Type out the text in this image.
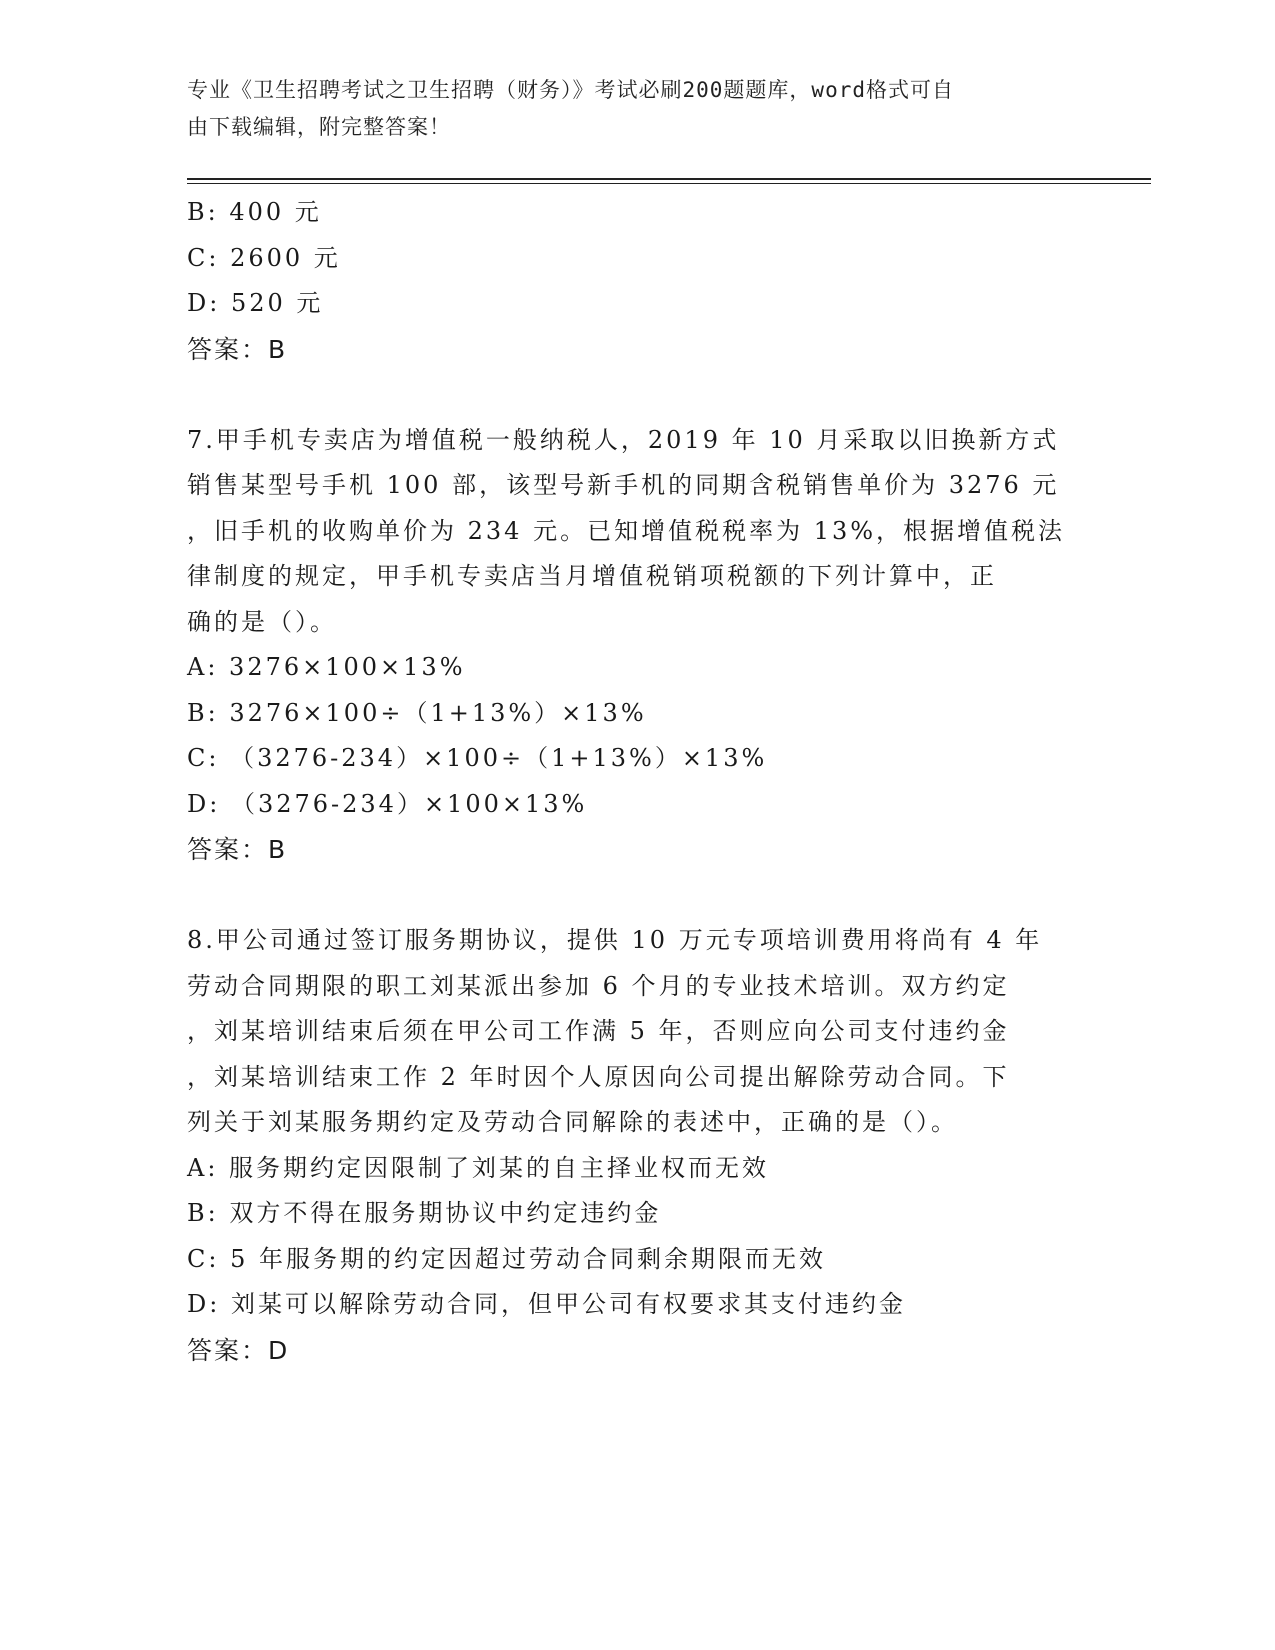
专业《卫生招聘考试之卫生招聘（财务）》考试必刷200题题库，word格式可自
由下载编辑，附完整答案！
B: 400 元
C: 2600 元
D: 520 元
答案：B
7.甲手机专卖店为增值税一般纳税人，2019 年 10 月采取以旧换新方式
销售某型号手机 100 部，该型号新手机的同期含税销售单价为 3276 元
，旧手机的收购单价为 234 元。已知增值税税率为 13%，根据增值税法
律制度的规定，甲手机专卖店当月增值税销项税额的下列计算中，正
确的是（）。
A: 3276×100×13%
B: 3276×100÷（1+13%）×13%
C: （3276-234）×100÷（1+13%）×13%
D: （3276-234）×100×13%
答案：B
8.甲公司通过签订服务期协议，提供 10 万元专项培训费用将尚有 4 年
劳动合同期限的职工刘某派出参加 6 个月的专业技术培训。双方约定
，刘某培训结束后须在甲公司工作满 5 年，否则应向公司支付违约金
，刘某培训结束工作 2 年时因个人原因向公司提出解除劳动合同。下
列关于刘某服务期约定及劳动合同解除的表述中，正确的是（）。
A: 服务期约定因限制了刘某的自主择业权而无效
B: 双方不得在服务期协议中约定违约金
C: 5 年服务期的约定因超过劳动合同剩余期限而无效
D: 刘某可以解除劳动合同，但甲公司有权要求其支付违约金
答案：D
